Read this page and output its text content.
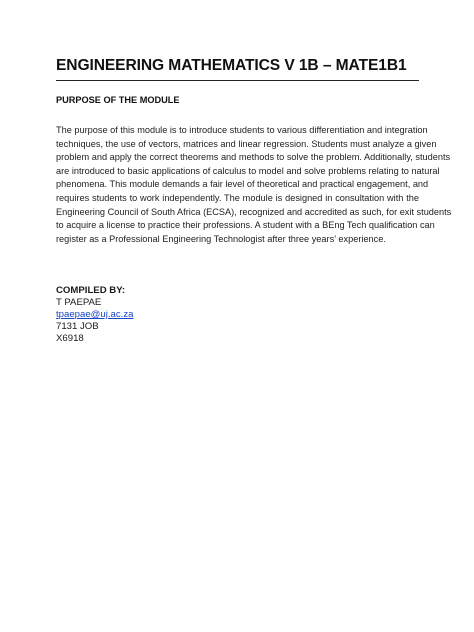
ENGINEERING MATHEMATICS V 1B – MATE1B1
PURPOSE OF THE MODULE
The purpose of this module is to introduce students to various differentiation and integration
techniques, the use of vectors, matrices and linear regression. Students must analyze a given
problem and apply the correct theorems and methods to solve the problem. Additionally, students
are introduced to basic applications of calculus to model and solve problems relating to natural
phenomena. This module demands a fair level of theoretical and practical engagement, and
requires students to work independently. The module is designed in consultation with the
Engineering Council of South Africa (ECSA), recognized and accredited as such, for exit students
to acquire a license to practice their professions. A student with a BEng Tech qualification can
register as a Professional Engineering Technologist after three years’ experience.
COMPILED BY:
T PAEPAE
tpaepae@uj.ac.za
7131 JOB
X6918
